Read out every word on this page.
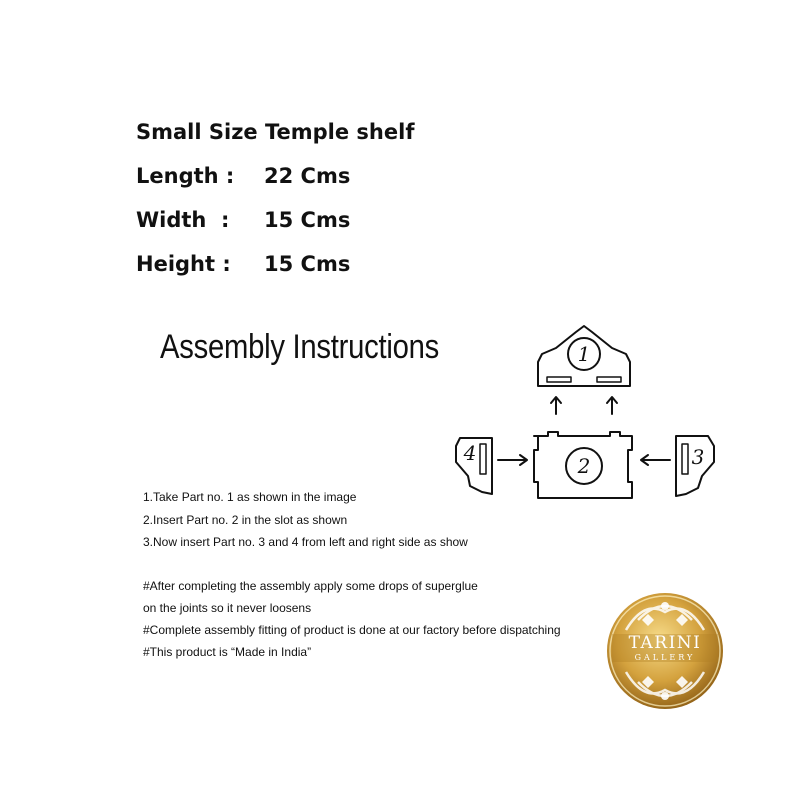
Small Size Temple shelf
Length : 22 Cms
Width  : 15 Cms
Height : 15 Cms
Assembly Instructions	1
2	3
4
1.Take Part no. 1 as shown in the image
2.Insert Part no. 2 in the slot as shown
3.Now insert Part no. 3 and 4 from left and right side as show
#After completing the assembly apply some drops of superglue
on the joints so it never loosens
#Complete assembly fitting of product is done at our factory before dispatching
#This product is “Made in India”	TARINI
GALLERY
